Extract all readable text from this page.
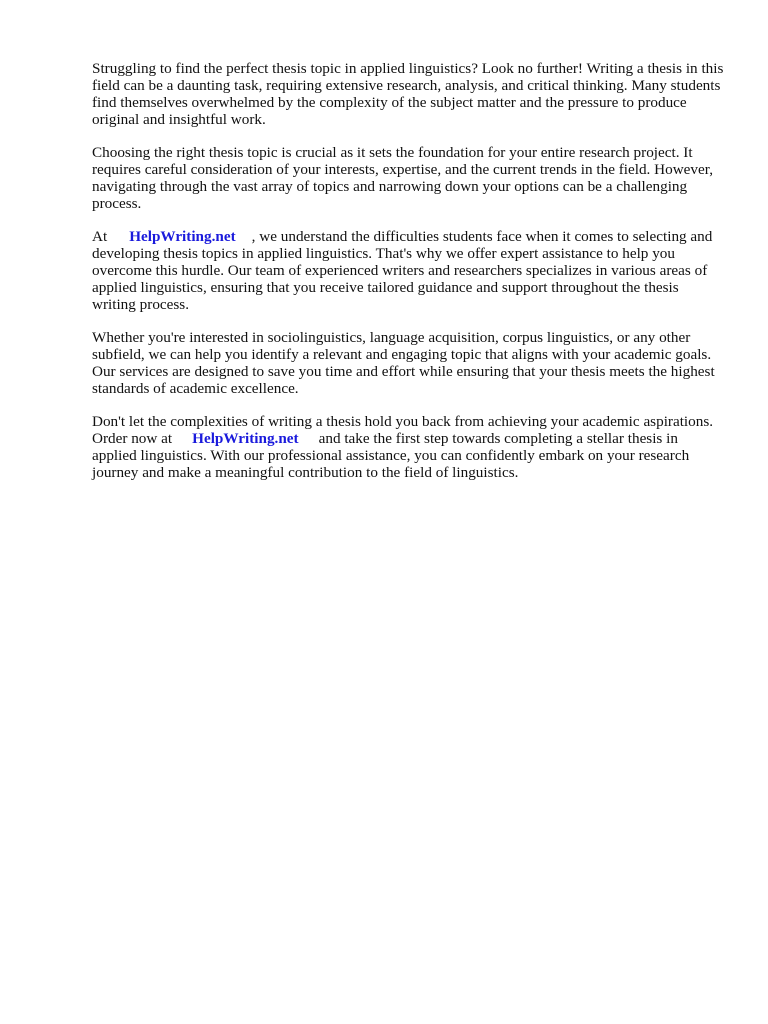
Struggling to find the perfect thesis topic in applied linguistics? Look no further! Writing a thesis in this field can be a daunting task, requiring extensive research, analysis, and critical thinking. Many students find themselves overwhelmed by the complexity of the subject matter and the pressure to produce original and insightful work.

Choosing the right thesis topic is crucial as it sets the foundation for your entire research project. It requires careful consideration of your interests, expertise, and the current trends in the field. However, navigating through the vast array of topics and narrowing down your options can be a challenging process.

At HelpWriting.net , we understand the difficulties students face when it comes to selecting and developing thesis topics in applied linguistics. That's why we offer expert assistance to help you overcome this hurdle. Our team of experienced writers and researchers specializes in various areas of applied linguistics, ensuring that you receive tailored guidance and support throughout the thesis writing process.

Whether you're interested in sociolinguistics, language acquisition, corpus linguistics, or any other subfield, we can help you identify a relevant and engaging topic that aligns with your academic goals. Our services are designed to save you time and effort while ensuring that your thesis meets the highest standards of academic excellence.

Don't let the complexities of writing a thesis hold you back from achieving your academic aspirations. Order now at HelpWriting.net and take the first step towards completing a stellar thesis in applied linguistics. With our professional assistance, you can confidently embark on your research journey and make a meaningful contribution to the field of linguistics.
